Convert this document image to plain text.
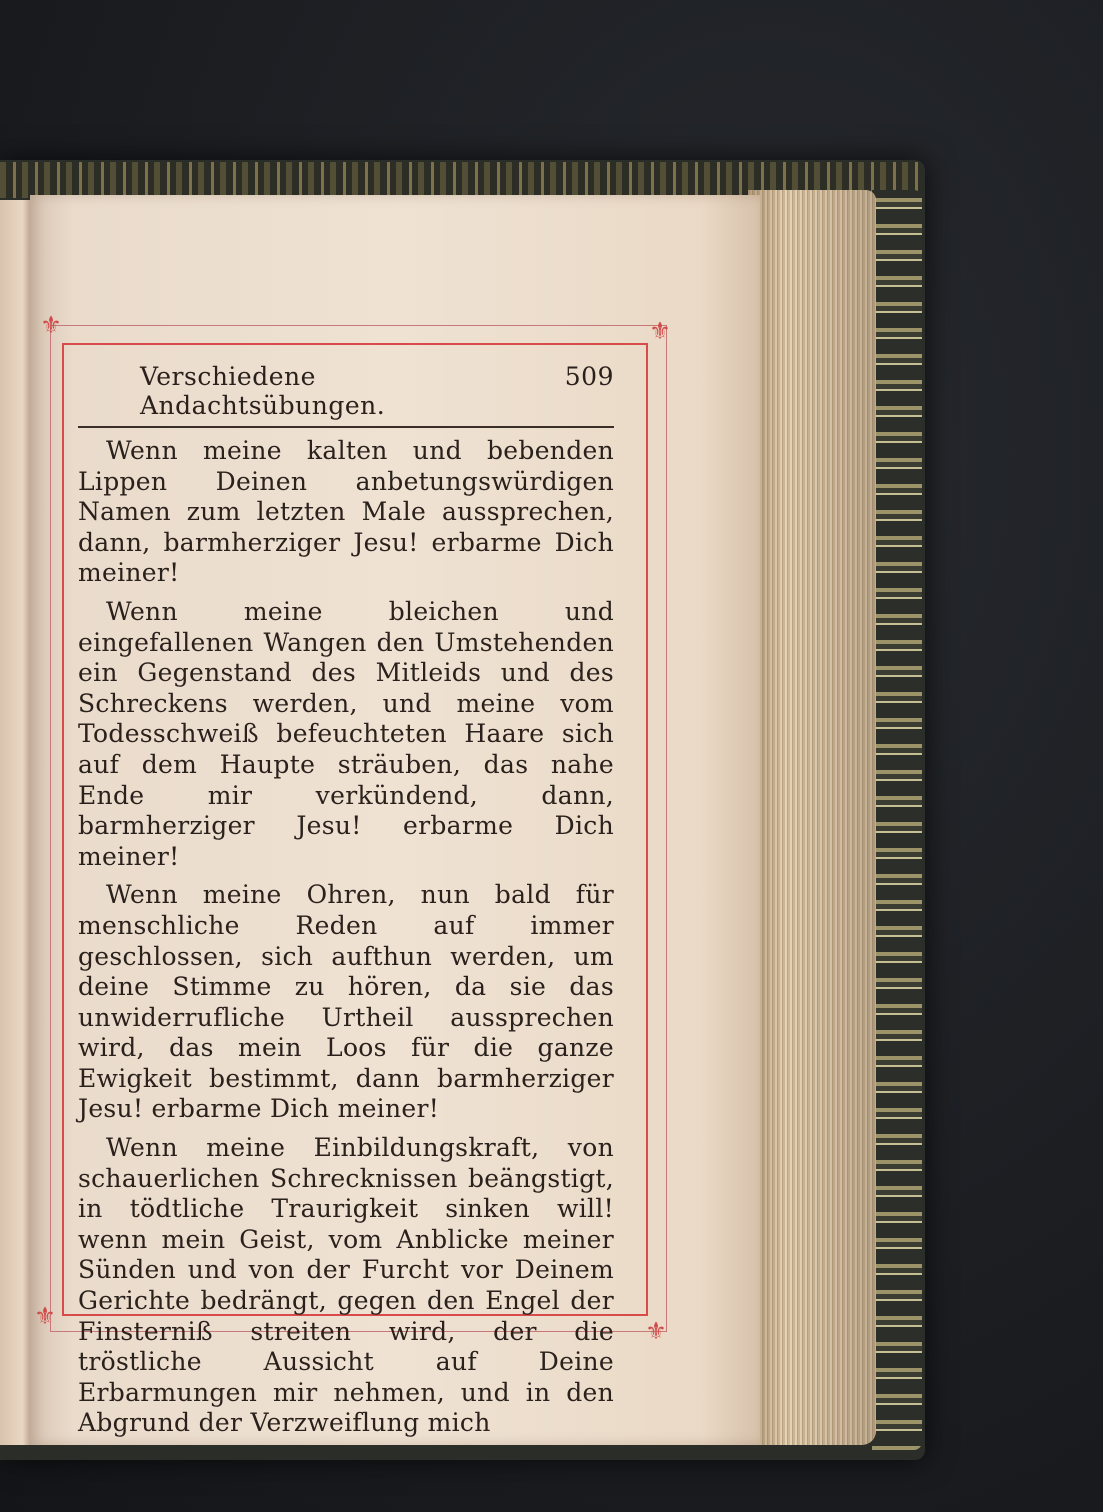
⚜	⚜
⚜
⚜
Verschiedene Andachtsübungen.
509

Wenn meine kalten und bebenden Lippen Deinen anbetungswürdigen Namen zum letzten Male aussprechen, dann, barmherziger Jesu! erbarme Dich meiner!

Wenn meine bleichen und eingefallenen Wangen den Umstehenden ein Gegenstand des Mitleids und des Schreckens werden, und meine vom Todesschweiß befeuchteten Haare sich auf dem Haupte sträuben, das nahe Ende mir verkündend, dann, barmherziger Jesu! erbarme Dich meiner!

Wenn meine Ohren, nun bald für menschliche Reden auf immer geschlossen, sich aufthun werden, um deine Stimme zu hören, da sie das unwiderrufliche Urtheil aussprechen wird, das mein Loos für die ganze Ewigkeit bestimmt, dann barmherziger Jesu! erbarme Dich meiner!

Wenn meine Einbildungskraft, von schauerlichen Schrecknissen beängstigt, in tödtliche Traurigkeit sinken will! wenn mein Geist, vom Anblicke meiner Sünden und von der Furcht vor Deinem Gerichte bedrängt, gegen den Engel der Finsterniß streiten wird, der die tröstliche Aussicht auf Deine Erbarmungen mir nehmen, und in den Abgrund der Verzweiflung mich
